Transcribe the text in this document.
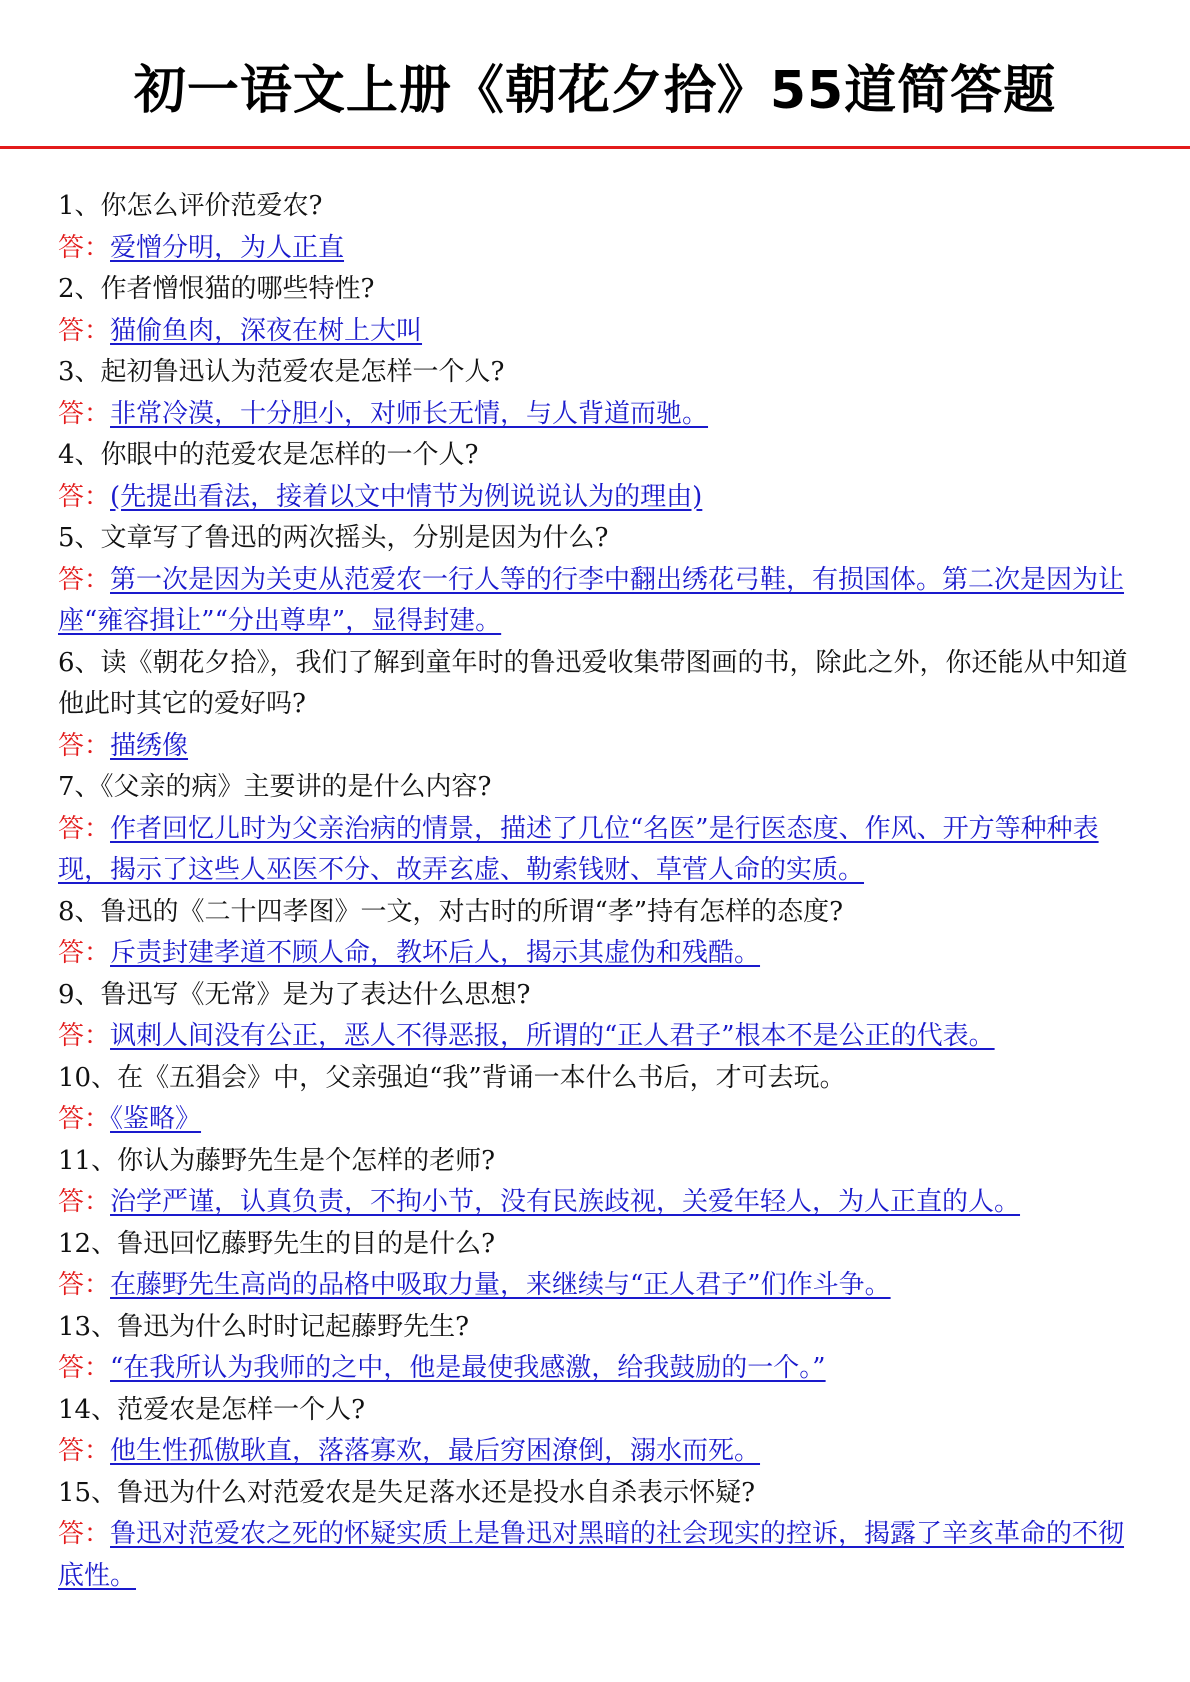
初一语文上册《朝花夕拾》55道简答题
1、你怎么评价范爱农?
答：爱憎分明，为人正直
2、作者憎恨猫的哪些特性?
答：猫偷鱼肉，深夜在树上大叫
3、起初鲁迅认为范爱农是怎样一个人?
答：非常冷漠，十分胆小，对师长无情，与人背道而驰。
4、你眼中的范爱农是怎样的一个人?
答：(先提出看法，接着以文中情节为例说说认为的理由)
5、文章写了鲁迅的两次摇头，分别是因为什么?
答：第一次是因为关吏从范爱农一行人等的行李中翻出绣花弓鞋，有损国体。第二次是因为让座“雍容揖让”“分出尊卑”，显得封建。
6、读《朝花夕拾》，我们了解到童年时的鲁迅爱收集带图画的书，除此之外，你还能从中知道他此时其它的爱好吗?
答：描绣像
7、《父亲的病》主要讲的是什么内容?
答：作者回忆儿时为父亲治病的情景，描述了几位“名医”是行医态度、作风、开方等种种表现，揭示了这些人巫医不分、故弄玄虚、勒索钱财、草菅人命的实质。
8、鲁迅的《二十四孝图》一文，对古时的所谓“孝”持有怎样的态度?
答：斥责封建孝道不顾人命，教坏后人，揭示其虚伪和残酷。
9、鲁迅写《无常》是为了表达什么思想?
答：讽刺人间没有公正，恶人不得恶报，所谓的“正人君子”根本不是公正的代表。
10、在《五猖会》中，父亲强迫“我”背诵一本什么书后，才可去玩。
答：《鉴略》
11、你认为藤野先生是个怎样的老师?
答：治学严谨，认真负责，不拘小节，没有民族歧视，关爱年轻人，为人正直的人。
12、鲁迅回忆藤野先生的目的是什么?
答：在藤野先生高尚的品格中吸取力量，来继续与“正人君子”们作斗争。
13、鲁迅为什么时时记起藤野先生?
答：“在我所认为我师的之中，他是最使我感激，给我鼓励的一个。”
14、范爱农是怎样一个人?
答：他生性孤傲耿直，落落寡欢，最后穷困潦倒，溺水而死。
15、鲁迅为什么对范爱农是失足落水还是投水自杀表示怀疑?
答：鲁迅对范爱农之死的怀疑实质上是鲁迅对黑暗的社会现实的控诉，揭露了辛亥革命的不彻底性。
